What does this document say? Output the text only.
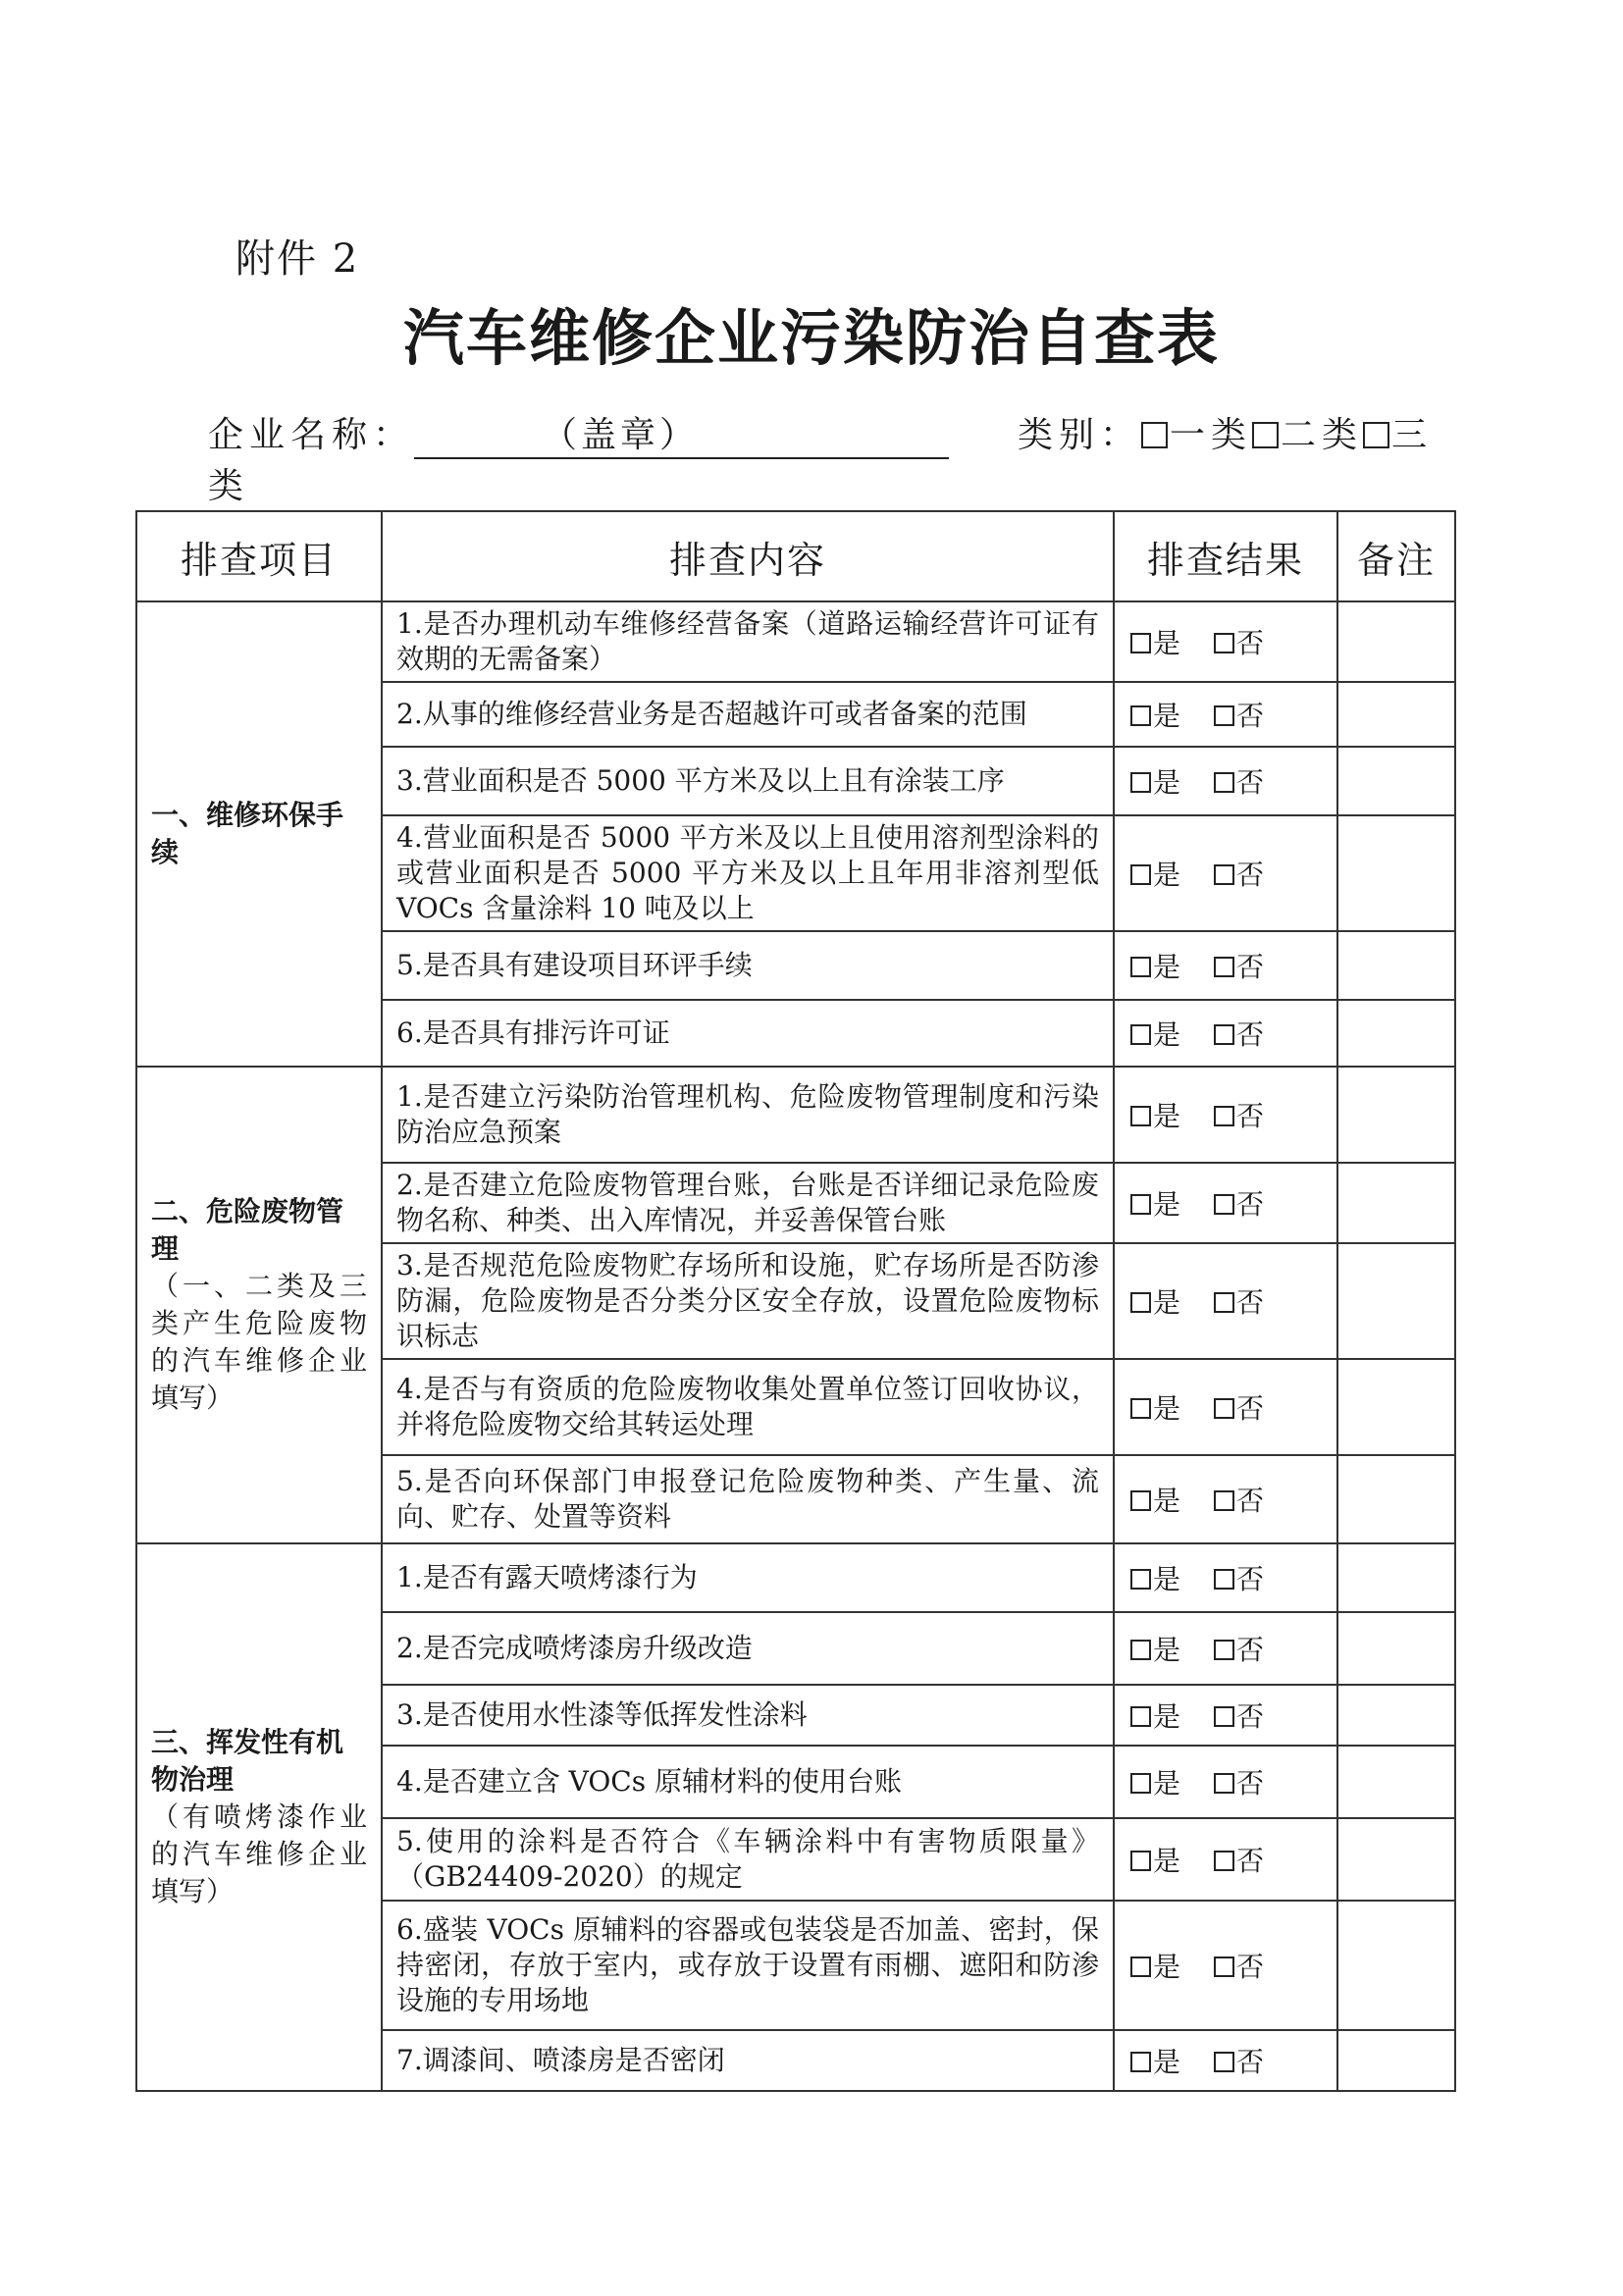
附件 2
汽车维修企业污染防治自查表
企业名称：	（盖章）	类别： 一类 二类 三类
排查项目	排查内容	排查结果	备注

一、维修环保手续	1.是否办理机动车维修经营备案（道路运输经营许可证有效期的无需备案）	是 否	
	2.从事的维修经营业务是否超越许可或者备案的范围	是 否	
	3.营业面积是否 5000 平方米及以上且有涂装工序	是 否	
	4.营业面积是否 5000 平方米及以上且使用溶剂型涂料的或营业面积是否 5000 平方米及以上且年用非溶剂型低 VOCs 含量涂料 10 吨及以上	是 否	
	5.是否具有建设项目环评手续	是 否	
	6.是否具有排污许可证	是 否	

二、危险废物管理
（一、二类及三类产生危险废物的汽车维修企业填写）	1.是否建立污染防治管理机构、危险废物管理制度和污染防治应急预案	是 否	
	2.是否建立危险废物管理台账，台账是否详细记录危险废物名称、种类、出入库情况，并妥善保管台账	是 否	
	3.是否规范危险废物贮存场所和设施，贮存场所是否防渗防漏，危险废物是否分类分区安全存放，设置危险废物标识标志	是 否	
	4.是否与有资质的危险废物收集处置单位签订回收协议，并将危险废物交给其转运处理	是 否	
	5.是否向环保部门申报登记危险废物种类、产生量、流向、贮存、处置等资料	是 否	

三、挥发性有机物治理
（有喷烤漆作业的汽车维修企业填写）	1.是否有露天喷烤漆行为	是 否	
	2.是否完成喷烤漆房升级改造	是 否	
	3.是否使用水性漆等低挥发性涂料	是 否	
	4.是否建立含 VOCs 原辅材料的使用台账	是 否	
	5.使用的涂料是否符合《车辆涂料中有害物质限量》（GB24409-2020）的规定	是 否	
	6.盛装 VOCs 原辅料的容器或包装袋是否加盖、密封，保持密闭，存放于室内，或存放于设置有雨棚、遮阳和防渗设施的专用场地	是 否	
	7.调漆间、喷漆房是否密闭	是 否	
